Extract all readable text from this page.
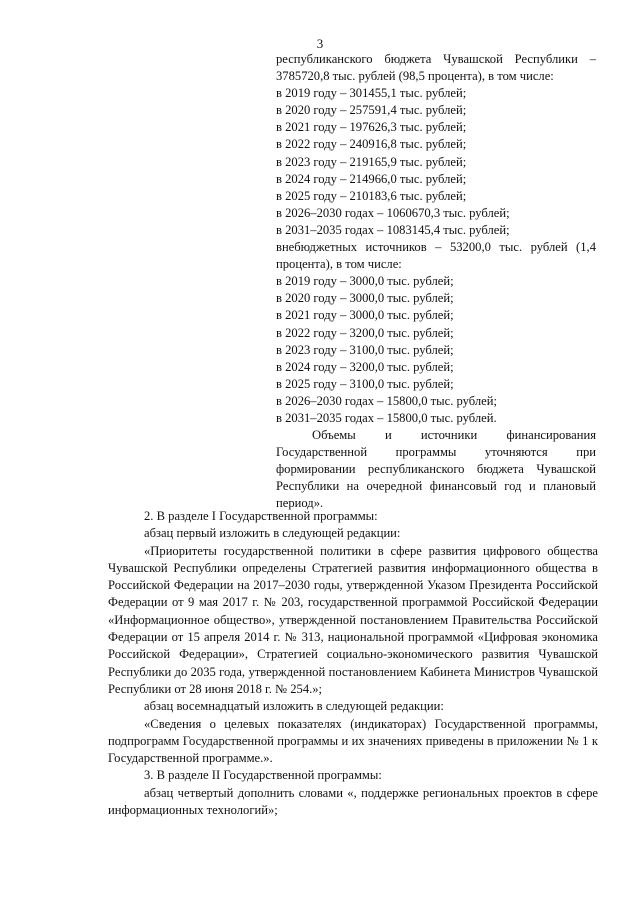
3

республиканского бюджета Чувашской Республики – 3785720,8 тыс. рублей (98,5 процента), в том числе:

в 2019 году – 301455,1 тыс. рублей;

в 2020 году – 257591,4 тыс. рублей;

в 2021 году – 197626,3 тыс. рублей;

в 2022 году – 240916,8 тыс. рублей;

в 2023 году – 219165,9 тыс. рублей;

в 2024 году – 214966,0 тыс. рублей;

в 2025 году – 210183,6 тыс. рублей;

в 2026–2030 годах – 1060670,3 тыс. рублей;

в 2031–2035 годах – 1083145,4 тыс. рублей;

внебюджетных источников – 53200,0 тыс. рублей (1,4 процента), в том числе:

в 2019 году – 3000,0 тыс. рублей;

в 2020 году – 3000,0 тыс. рублей;

в 2021 году – 3000,0 тыс. рублей;

в 2022 году – 3200,0 тыс. рублей;

в 2023 году – 3100,0 тыс. рублей;

в 2024 году – 3200,0 тыс. рублей;

в 2025 году – 3100,0 тыс. рублей;

в 2026–2030 годах – 15800,0 тыс. рублей;

в 2031–2035 годах – 15800,0 тыс. рублей.

Объемы и источники финансирования Государственной программы уточняются при формировании республиканского бюджета Чувашской Республики на очередной финансовый год и плановый период».

2. В разделе I Государственной программы:

абзац первый изложить в следующей редакции:

«Приоритеты государственной политики в сфере развития цифрового общества Чувашской Республики определены Стратегией развития информационного общества в Российской Федерации на 2017–2030 годы, утвержденной Указом Президента Российской Федерации от 9 мая 2017 г. № 203, государственной программой Российской Федерации «Информационное общество», утвержденной постановлением Правительства Российской Федерации от 15 апреля 2014 г. № 313, национальной программой «Цифровая экономика Российской Федерации», Стратегией социально-экономического развития Чувашской Республики до 2035 года, утвержденной постановлением Кабинета Министров Чувашской Республики от 28 июня 2018 г. № 254.»;

абзац восемнадцатый изложить в следующей редакции:

«Сведения о целевых показателях (индикаторах) Государственной программы, подпрограмм Государственной программы и их значениях приведены в приложении № 1 к Государственной программе.».

3. В разделе II Государственной программы:

абзац четвертый дополнить словами «, поддержке региональных проектов в сфере информационных технологий»;
